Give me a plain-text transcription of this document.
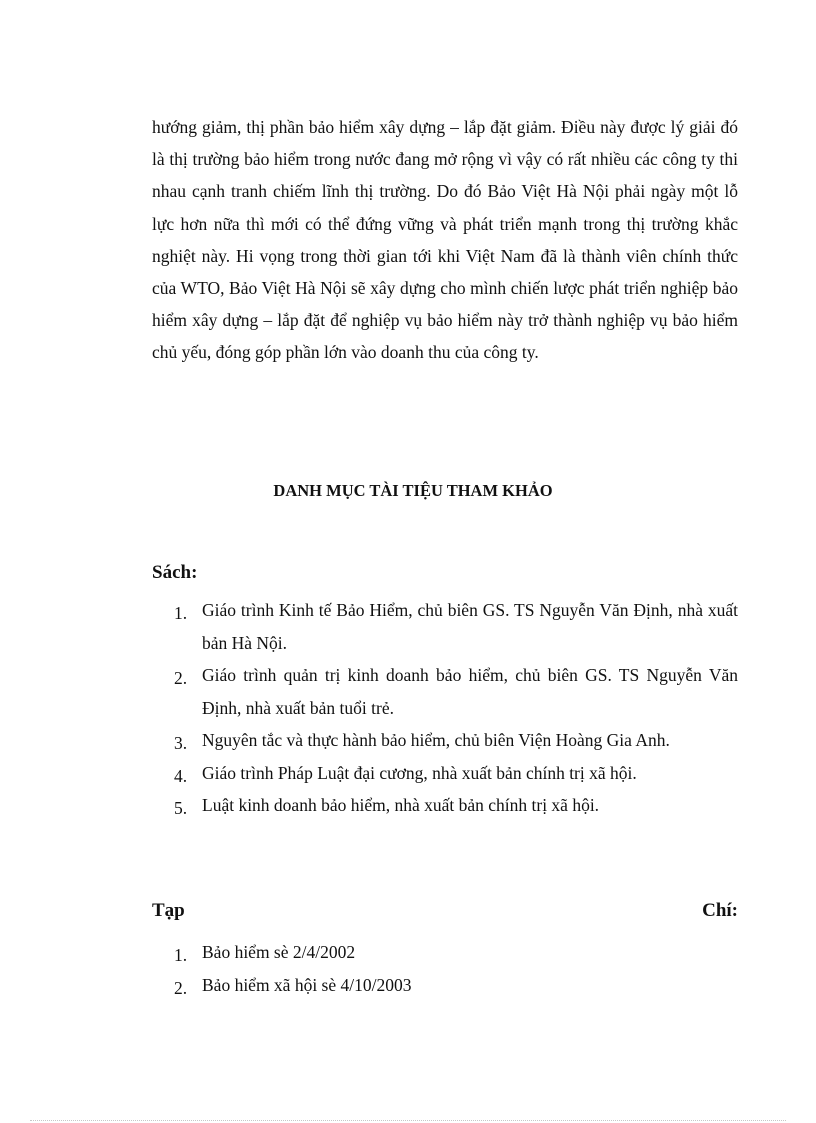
hướng giảm, thị phần bảo hiểm xây dựng – lắp đặt giảm. Điều này được lý giải đó là thị trường bảo hiểm trong nước đang mở rộng vì vậy có rất nhiều các công ty thi nhau cạnh tranh chiếm lĩnh thị trường. Do đó Bảo Việt Hà Nội phải ngày một lỗ lực hơn nữa thì mới có thể đứng vững và phát triển mạnh trong thị trường khắc nghiệt này. Hi vọng trong thời gian tới khi Việt Nam đã là thành viên chính thức của WTO, Bảo Việt Hà Nội sẽ xây dựng cho mình chiến lược phát triển nghiệp bảo hiểm xây dựng – lắp đặt để nghiệp vụ bảo hiểm này trở thành nghiệp vụ bảo hiểm chủ yếu, đóng góp phần lớn vào doanh thu của công ty.

DANH MỤC TÀI TIỆU THAM KHẢO
Sách:
1. Giáo trình Kinh tế Bảo Hiểm, chủ biên GS. TS Nguyễn Văn Định, nhà xuất bản Hà Nội.
2. Giáo trình quản trị kinh doanh bảo hiểm, chủ biên GS. TS Nguyễn Văn Định, nhà xuất bản tuổi trẻ.
3. Nguyên tắc và thực hành bảo hiểm, chủ biên Viện Hoàng Gia Anh.
4. Giáo trình Pháp Luật đại cương, nhà xuất bản chính trị xã hội.
5. Luật kinh doanh bảo hiểm, nhà xuất bản chính trị xã hội.
Tạp	Chí:
1. Bảo hiểm sè 2/4/2002
2. Bảo hiểm xã hội sè 4/10/2003
